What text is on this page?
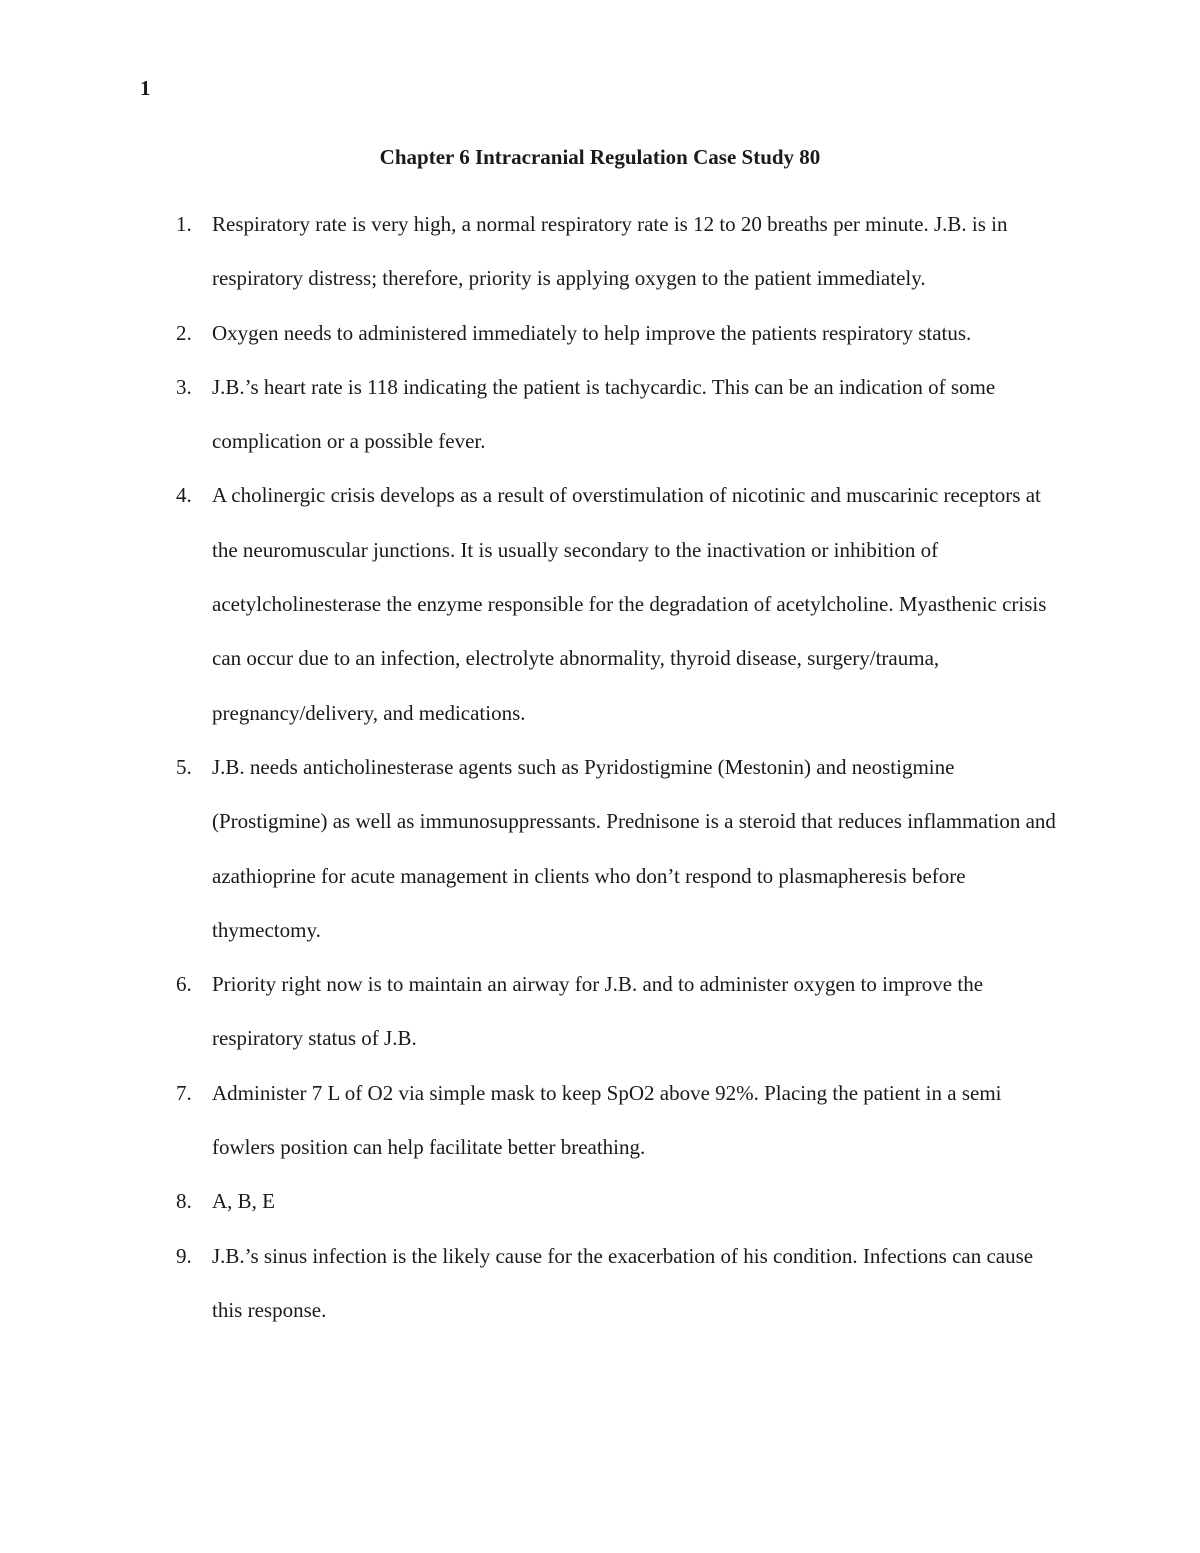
1
Chapter 6 Intracranial Regulation Case Study 80
1. Respiratory rate is very high, a normal respiratory rate is 12 to 20 breaths per minute. J.B. is in respiratory distress; therefore, priority is applying oxygen to the patient immediately.
2. Oxygen needs to administered immediately to help improve the patients respiratory status.
3. J.B.’s heart rate is 118 indicating the patient is tachycardic. This can be an indication of some complication or a possible fever.
4. A cholinergic crisis develops as a result of overstimulation of nicotinic and muscarinic receptors at the neuromuscular junctions. It is usually secondary to the inactivation or inhibition of acetylcholinesterase the enzyme responsible for the degradation of acetylcholine. Myasthenic crisis can occur due to an infection, electrolyte abnormality, thyroid disease, surgery/trauma, pregnancy/delivery, and medications.
5. J.B. needs anticholinesterase agents such as Pyridostigmine (Mestonin) and neostigmine (Prostigmine) as well as immunosuppressants. Prednisone is a steroid that reduces inflammation and azathioprine for acute management in clients who don’t respond to plasmapheresis before thymectomy.
6. Priority right now is to maintain an airway for J.B. and to administer oxygen to improve the respiratory status of J.B.
7. Administer 7 L of O2 via simple mask to keep SpO2 above 92%. Placing the patient in a semi fowlers position can help facilitate better breathing.
8. A, B, E
9. J.B.’s sinus infection is the likely cause for the exacerbation of his condition. Infections can cause this response.
